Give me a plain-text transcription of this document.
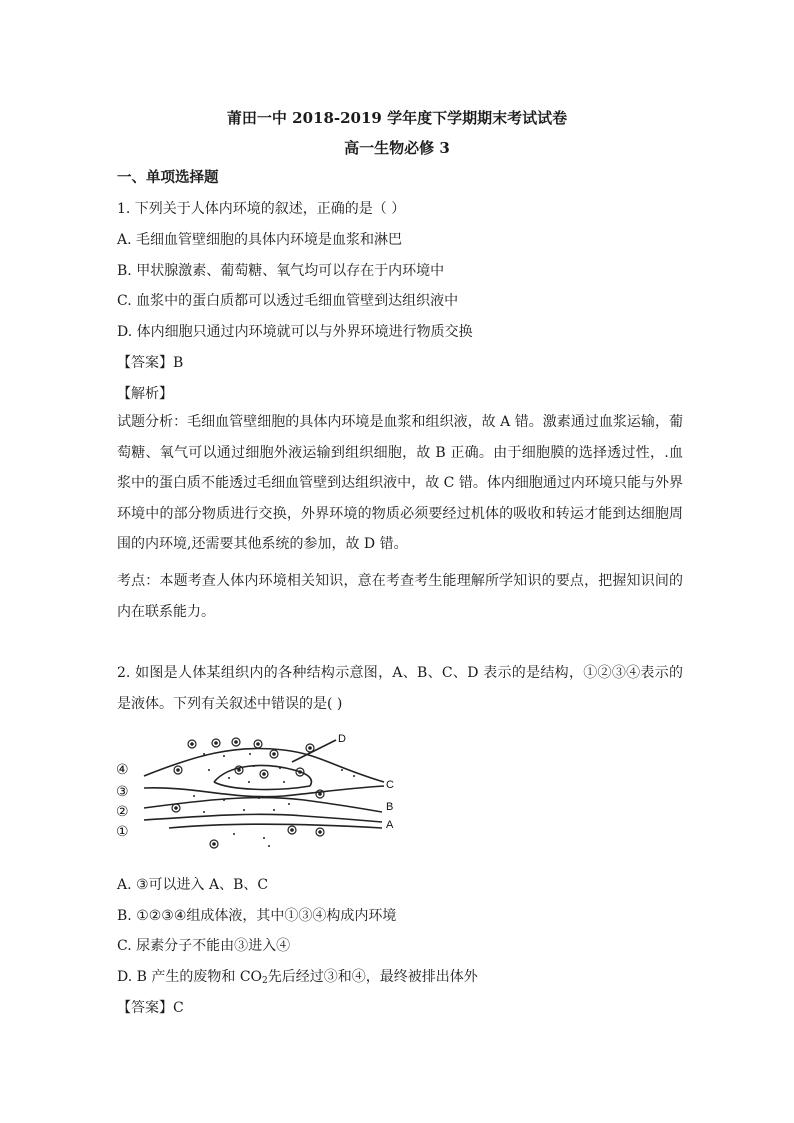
莆田一中 2018-2019 学年度下学期期末考试试卷
高一生物必修 3
一、单项选择题
1. 下列关于人体内环境的叙述，正确的是（ ）
A. 毛细血管壁细胞的具体内环境是血浆和淋巴
B. 甲状腺激素、葡萄糖、氧气均可以存在于内环境中
C. 血浆中的蛋白质都可以透过毛细血管壁到达组织液中
D. 体内细胞只通过内环境就可以与外界环境进行物质交换
【答案】B
【解析】
试题分析：毛细血管壁细胞的具体内环境是血浆和组织液，故 A 错。激素通过血浆运输，葡萄糖、氧气可以通过细胞外液运输到组织细胞，故 B 正确。由于细胞膜的选择透过性，.血浆中的蛋白质不能透过毛细血管壁到达组织液中，故 C 错。体内细胞通过内环境只能与外界环境中的部分物质进行交换，外界环境的物质必须要经过机体的吸收和转运才能到达细胞周围的内环境,还需要其他系统的参加，故 D 错。
考点：本题考查人体内环境相关知识，意在考查考生能理解所学知识的要点，把握知识间的内在联系能力。
2. 如图是人体某组织内的各种结构示意图，A、B、C、D 表示的是结构，①②③④表示的是液体。下列有关叙述中错误的是( )
④
③
②
①
D
C
B
A
A. ③可以进入 A、B、C
B. ①②③④组成体液，其中①③④构成内环境
C. 尿素分子不能由③进入④
D. B 产生的废物和 $CO_2$先后经过③和④，最终被排出体外
【答案】C
